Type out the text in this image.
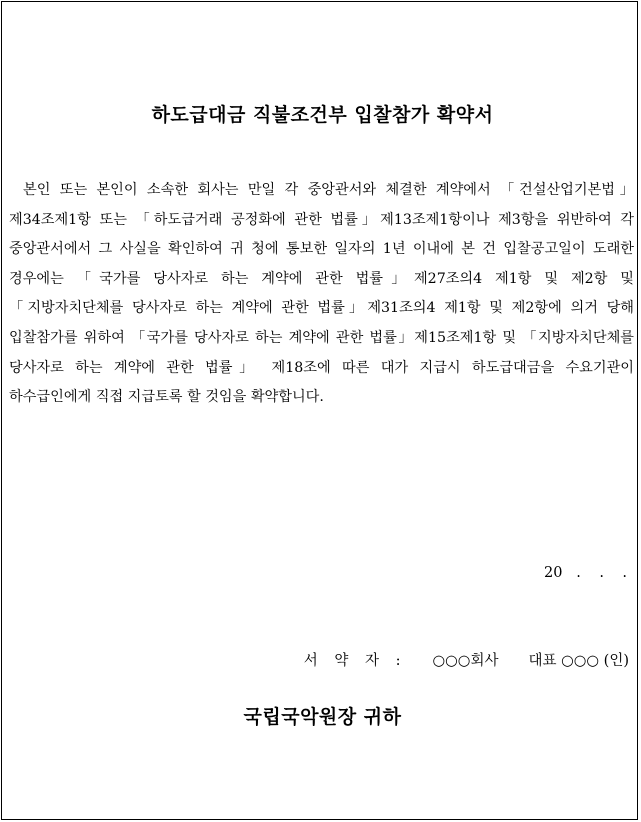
하도급대금 직불조건부 입찰참가 확약서
본인 또는 본인이 소속한 회사는 만일 각 중앙관서와 체결한 계약에서 「건설산업기본법」제34조제1항 또는 「하도급거래 공정화에 관한 법률」제13조제1항이나 제3항을 위반하여 각 중앙관서에서 그 사실을 확인하여 귀 청에 통보한 일자의 1년 이내에 본 건 입찰공고일이 도래한 경우에는 「국가를 당사자로 하는 계약에 관한 법률」제27조의4 제1항 및 제2항 및 「지방자치단체를 당사자로 하는 계약에 관한 법률」제31조의4 제1항 및 제2항에 의거 당해 입찰참가를 위하여 「국가를 당사자로 하는 계약에 관한 법률」제15조제1항 및 「지방자치단체를 당사자로 하는 계약에 관한 법률」 제18조에 따른 대가 지급시 하도급대금을 수요기관이 하수급인에게 직접 지급토록 할 것임을 확약합니다.
20   .    .    .

서 약 자 : ○○○회사 대표 ○○○ (인)

국립국악원장 귀하
